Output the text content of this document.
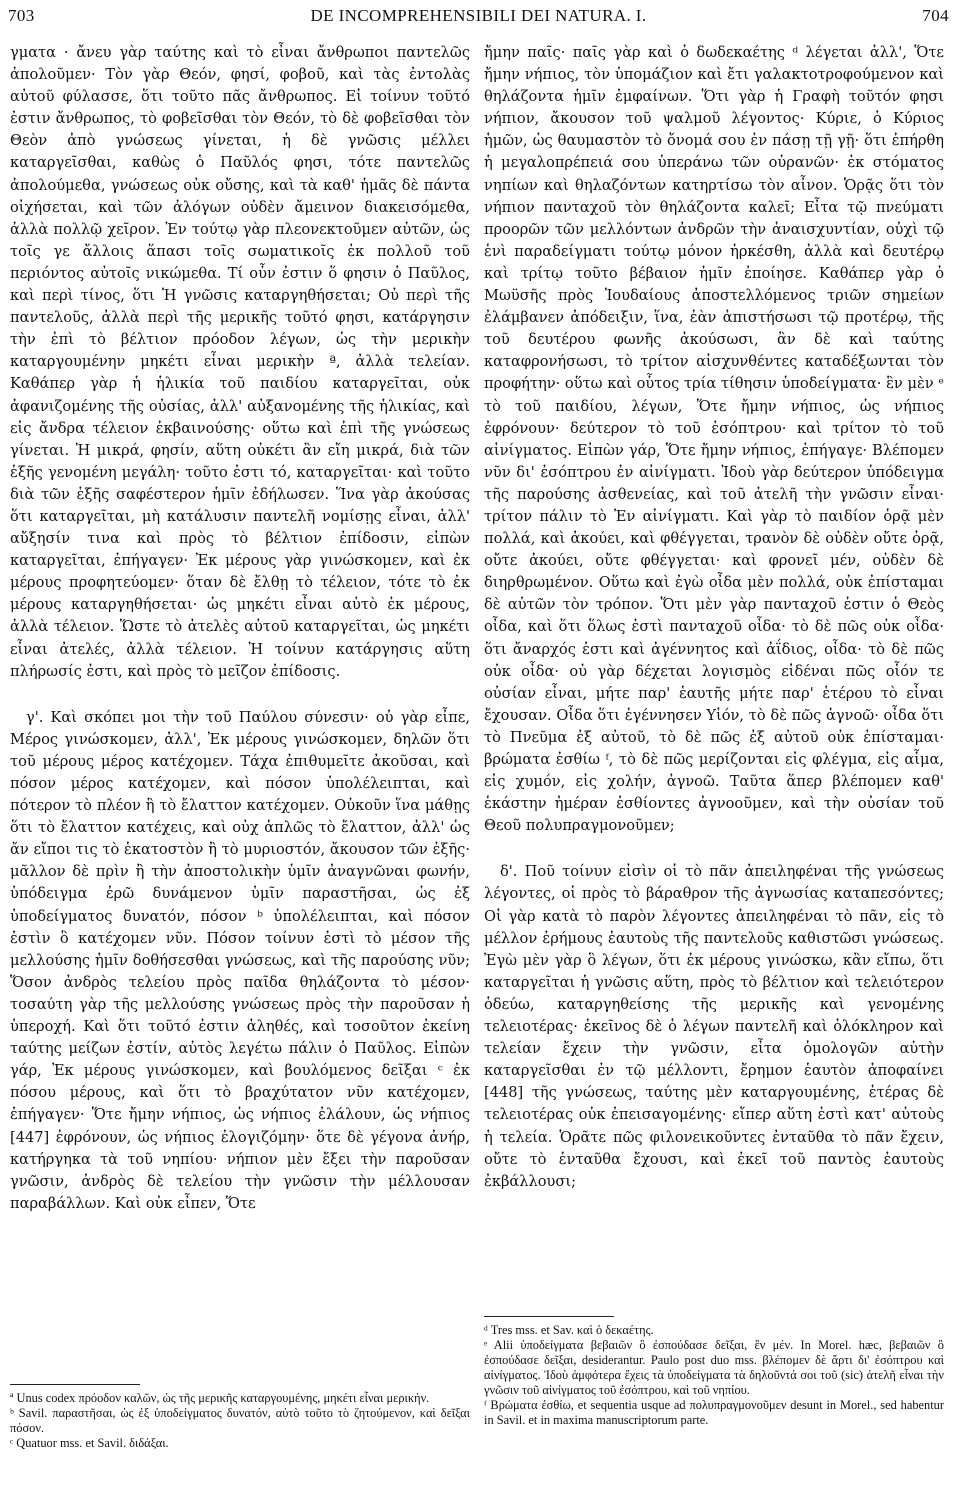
703	DE INCOMPREHENSIBILI DEI NATURA. I.	704

γματα · ἄνευ γὰρ ταύτης καὶ τὸ εἶναι ἄνθρωποι παντελῶς ἀπολοῦμεν· Τὸν γὰρ Θεόν, φησί, φοβοῦ, καὶ τὰς ἐντολὰς αὐτοῦ φύλασσε, ὅτι τοῦτο πᾶς ἄνθρωπος. Εἰ τοίνυν τοῦτό ἐστιν ἄνθρωπος, τὸ φοβεῖσθαι τὸν Θεόν, τὸ δὲ φοβεῖσθαι τὸν Θεὸν ἀπὸ γνώσεως γίνεται, ἡ δὲ γνῶσις μέλλει καταργεῖσθαι, καθὼς ὁ Παῦλός φησι, τότε παντελῶς ἀπολούμεθα, γνώσεως οὐκ οὔσης, καὶ τὰ καθ' ἡμᾶς δὲ πάντα οἰχήσεται, καὶ τῶν ἀλόγων οὐδὲν ἄμεινον διακεισόμεθα, ἀλλὰ πολλῷ χεῖρον. Ἐν τούτῳ γὰρ πλεονεκτοῦμεν αὐτῶν, ὡς τοῖς γε ἄλλοις ἅπασι τοῖς σωματικοῖς ἐκ πολλοῦ τοῦ περιόντος αὐτοῖς νικώμεθα. Τί οὖν ἐστιν ὅ φησιν ὁ Παῦλος, καὶ περὶ τίνος, ὅτι Ἡ γνῶσις καταργηθήσεται; Οὐ περὶ τῆς παντελοῦς, ἀλλὰ περὶ τῆς μερικῆς τοῦτό φησι, κατάργησιν τὴν ἐπὶ τὸ βέλτιον πρόοδον λέγων, ὡς τὴν μερικὴν καταργουμένην μηκέτι εἶναι μερικὴν ª, ἀλλὰ τελείαν. Καθάπερ γὰρ ἡ ἡλικία τοῦ παιδίου καταργεῖται, οὐκ ἀφανιζομένης τῆς οὐσίας, ἀλλ' αὐξανομένης τῆς ἡλικίας, καὶ εἰς ἄνδρα τέλειον ἐκβαινούσης· οὕτω καὶ ἐπὶ τῆς γνώσεως γίνεται. Ἡ μικρά, φησίν, αὕτη οὐκέτι ἂν εἴη μικρά, διὰ τῶν ἑξῆς γενομένη μεγάλη· τοῦτο ἐστι τό, καταργεῖται· καὶ τοῦτο διὰ τῶν ἑξῆς σαφέστερον ἡμῖν ἐδήλωσεν. Ἵνα γὰρ ἀκούσας ὅτι καταργεῖται, μὴ κατάλυσιν παντελῆ νομίσῃς εἶναι, ἀλλ' αὔξησίν τινα καὶ πρὸς τὸ βέλτιον ἐπίδοσιν, εἰπὼν καταργεῖται, ἐπήγαγεν· Ἐκ μέρους γὰρ γινώσκομεν, καὶ ἐκ μέρους προφητεύομεν· ὅταν δὲ ἔλθῃ τὸ τέλειον, τότε τὸ ἐκ μέρους καταργηθήσεται· ὡς μηκέτι εἶναι αὐτὸ ἐκ μέρους, ἀλλὰ τέλειον. Ὥστε τὸ ἀτελὲς αὐτοῦ καταργεῖται, ὡς μηκέτι εἶναι ἀτελές, ἀλλὰ τέλειον. Ἡ τοίνυν κατάργησις αὕτη πλήρωσίς ἐστι, καὶ πρὸς τὸ μεῖζον ἐπίδοσις.

γ'. Καὶ σκόπει μοι τὴν τοῦ Παύλου σύνεσιν· οὐ γὰρ εἶπε, Μέρος γινώσκομεν, ἀλλ', Ἐκ μέρους γινώσκομεν, δηλῶν ὅτι τοῦ μέρους μέρος κατέχομεν. Τάχα ἐπιθυμεῖτε ἀκοῦσαι, καὶ πόσον μέρος κατέχομεν, καὶ πόσον ὑπολέλειπται, καὶ πότερον τὸ πλέον ἢ τὸ ἔλαττον κατέχομεν. Οὐκοῦν ἵνα μάθῃς ὅτι τὸ ἔλαττον κατέχεις, καὶ οὐχ ἁπλῶς τὸ ἔλαττον, ἀλλ' ὡς ἄν εἴποι τις τὸ ἑκατοστὸν ἢ τὸ μυριοστόν, ἄκουσον τῶν ἑξῆς· μᾶλλον δὲ πρὶν ἢ τὴν ἀποστολικὴν ὑμῖν ἀναγνῶναι φωνήν, ὑπόδειγμα ἐρῶ δυνάμενον ὑμῖν παραστῆσαι, ὡς ἐξ ὑποδείγματος δυνατόν, πόσον ᵇ ὑπολέλειπται, καὶ πόσον ἐστὶν ὃ κατέχομεν νῦν. Πόσον τοίνυν ἐστὶ τὸ μέσον τῆς μελλούσης ἡμῖν δοθήσεσθαι γνώσεως, καὶ τῆς παρούσης νῦν; Ὅσον ἀνδρὸς τελείου πρὸς παῖδα θηλάζοντα τὸ μέσον· τοσαύτη γὰρ τῆς μελλούσης γνώσεως πρὸς τὴν παροῦσαν ἡ ὑπεροχή. Καὶ ὅτι τοῦτό ἐστιν ἀληθές, καὶ τοσοῦτον ἐκείνη ταύτης μείζων ἐστίν, αὐτὸς λεγέτω πάλιν ὁ Παῦλος. Εἰπὼν γάρ, Ἐκ μέρους γινώσκομεν, καὶ βουλόμενος δεῖξαι ᶜ ἐκ πόσου μέρους, καὶ ὅτι τὸ βραχύτατον νῦν κατέχομεν, ἐπήγαγεν· Ὅτε ἤμην νήπιος, ὡς νήπιος ἐλάλουν, ὡς νήπιος [447] ἐφρόνουν, ὡς νήπιος ἐλογιζόμην· ὅτε δὲ γέγονα ἀνήρ, κατήργηκα τὰ τοῦ νηπίου· νήπιον μὲν ἔξει τὴν παροῦσαν γνῶσιν, ἀνδρὸς δὲ τελείου τὴν γνῶσιν τὴν μέλλουσαν παραβάλλων. Καὶ οὐκ εἶπεν, Ὅτε

ἤμην παῖς· παῖς γὰρ καὶ ὁ δωδεκαέτης ᵈ λέγεται ἀλλ', Ὅτε ἤμην νήπιος, τὸν ὑπομάζιον καὶ ἔτι γαλακτοτροφούμενον καὶ θηλάζοντα ἡμῖν ἐμφαίνων. Ὅτι γὰρ ἡ Γραφὴ τοῦτόν φησι νήπιον, ἄκουσον τοῦ ψαλμοῦ λέγοντος· Κύριε, ὁ Κύριος ἡμῶν, ὡς θαυμαστὸν τὸ ὄνομά σου ἐν πάσῃ τῇ γῇ· ὅτι ἐπήρθη ἡ μεγαλοπρέπειά σου ὑπεράνω τῶν οὐρανῶν· ἐκ στόματος νηπίων καὶ θηλαζόντων κατηρτίσω τὸν αἶνον. Ὁρᾷς ὅτι τὸν νήπιον πανταχοῦ τὸν θηλάζοντα καλεῖ; Εἶτα τῷ πνεύματι προορῶν τῶν μελλόντων ἀνδρῶν τὴν ἀναισχυντίαν, οὐχὶ τῷ ἑνὶ παραδείγματι τούτῳ μόνον ἠρκέσθη, ἀλλὰ καὶ δευτέρῳ καὶ τρίτῳ τοῦτο βέβαιον ἡμῖν ἐποίησε. Καθάπερ γὰρ ὁ Μωϋσῆς πρὸς Ἰουδαίους ἀποστελλόμενος τριῶν σημείων ἐλάμβανεν ἀπόδειξιν, ἵνα, ἐὰν ἀπιστήσωσι τῷ προτέρῳ, τῆς τοῦ δευτέρου φωνῆς ἀκούσωσι, ἂν δὲ καὶ ταύτης καταφρονήσωσι, τὸ τρίτον αἰσχυνθέντες καταδέξωνται τὸν προφήτην· οὕτω καὶ οὗτος τρία τίθησιν ὑποδείγματα· ἓν μὲν ᵉ τὸ τοῦ παιδίου, λέγων, Ὅτε ἤμην νήπιος, ὡς νήπιος ἐφρόνουν· δεύτερον τὸ τοῦ ἐσόπτρου· καὶ τρίτον τὸ τοῦ αἰνίγματος. Εἰπὼν γάρ, Ὅτε ἤμην νήπιος, ἐπήγαγε· Βλέπομεν νῦν δι' ἐσόπτρου ἐν αἰνίγματι. Ἰδοὺ γὰρ δεύτερον ὑπόδειγμα τῆς παρούσης ἀσθενείας, καὶ τοῦ ἀτελῆ τὴν γνῶσιν εἶναι· τρίτον πάλιν τὸ Ἐν αἰνίγματι. Καὶ γὰρ τὸ παιδίον ὁρᾷ μὲν πολλά, καὶ ἀκούει, καὶ φθέγγεται, τρανὸν δὲ οὐδὲν οὔτε ὁρᾷ, οὔτε ἀκούει, οὔτε φθέγγεται· καὶ φρονεῖ μέν, οὐδὲν δὲ διηρθρωμένον. Οὕτω καὶ ἐγὼ οἶδα μὲν πολλά, οὐκ ἐπίσταμαι δὲ αὐτῶν τὸν τρόπον. Ὅτι μὲν γὰρ πανταχοῦ ἐστιν ὁ Θεὸς οἶδα, καὶ ὅτι ὅλως ἐστὶ πανταχοῦ οἶδα· τὸ δὲ πῶς οὐκ οἶδα· ὅτι ἄναρχός ἐστι καὶ ἀγέννητος καὶ ἀΐδιος, οἶδα· τὸ δὲ πῶς οὐκ οἶδα· οὐ γὰρ δέχεται λογισμὸς εἰδέναι πῶς οἷόν τε οὐσίαν εἶναι, μήτε παρ' ἑαυτῆς μήτε παρ' ἑτέρου τὸ εἶναι ἔχουσαν. Οἶδα ὅτι ἐγέννησεν Υἱόν, τὸ δὲ πῶς ἀγνοῶ· οἶδα ὅτι τὸ Πνεῦμα ἐξ αὐτοῦ, τὸ δὲ πῶς ἐξ αὐτοῦ οὐκ ἐπίσταμαι· βρώματα ἐσθίω ᶠ, τὸ δὲ πῶς μερίζονται εἰς φλέγμα, εἰς αἷμα, εἰς χυμόν, εἰς χολήν, ἀγνοῶ. Ταῦτα ἅπερ βλέπομεν καθ' ἑκάστην ἡμέραν ἐσθίοντες ἀγνοοῦμεν, καὶ τὴν οὐσίαν τοῦ Θεοῦ πολυπραγμονοῦμεν;

δ'. Ποῦ τοίνυν εἰσὶν οἱ τὸ πᾶν ἀπειληφέναι τῆς γνώσεως λέγοντες, οἱ πρὸς τὸ βάραθρον τῆς ἀγνωσίας καταπεσόντες; Οἱ γὰρ κατὰ τὸ παρὸν λέγοντες ἀπειληφέναι τὸ πᾶν, εἰς τὸ μέλλον ἐρήμους ἑαυτοὺς τῆς παντελοῦς καθιστῶσι γνώσεως. Ἐγὼ μὲν γὰρ ὃ λέγων, ὅτι ἐκ μέρους γινώσκω, κἂν εἴπω, ὅτι καταργεῖται ἡ γνῶσις αὕτη, πρὸς τὸ βέλτιον καὶ τελειότερον ὁδεύω, καταργηθείσης τῆς μερικῆς καὶ γενομένης τελειοτέρας· ἐκεῖνος δὲ ὁ λέγων παντελῆ καὶ ὁλόκληρον καὶ τελείαν ἔχειν τὴν γνῶσιν, εἶτα ὁμολογῶν αὐτὴν καταργεῖσθαι ἐν τῷ μέλλοντι, ἔρημον ἑαυτὸν ἀποφαίνει [448] τῆς γνώσεως, ταύτης μὲν καταργουμένης, ἑτέρας δὲ τελειοτέρας οὐκ ἐπεισαγομένης· εἴπερ αὕτη ἐστὶ κατ' αὐτοὺς ἡ τελεία. Ὁρᾶτε πῶς φιλονεικοῦντες ἐνταῦθα τὸ πᾶν ἔχειν, οὔτε τὸ ἐνταῦθα ἔχουσι, καὶ ἐκεῖ τοῦ παντὸς ἑαυτοὺς ἐκβάλλουσι;

ª Unus codex πρόοδον καλῶν, ὡς τῆς μερικῆς καταργουμένης, μηκέτι εἶναι μερικήν.

ᵇ Savil. παραστῆσαι, ὡς ἐξ ὑποδείγματος δυνατόν, αὐτὸ τοῦτο τὸ ζητούμενον, καὶ δεῖξαι πόσον.

ᶜ Quatuor mss. et Savil. διδάξαι.

ᵈ Tres mss. et Sav. καὶ ὁ δεκαέτης.

ᵉ Alii ὑποδείγματα βεβαιῶν ὃ ἐσπούδασε δεῖξαι, ἓν μέν. In Morel. hæc, βεβαιῶν ὃ ἐσπούδασε δεῖξαι, desiderantur. Paulo post duo mss. βλέπομεν δὲ ἄρτι δι' ἐσόπτρου καὶ αἰνίγματος. Ἰδοὺ ἀμφότερα ἔχεις τὰ ὑποδείγματα τὰ δηλοῦντά σοι τοῦ (sic) ἀτελῆ εἶναι τὴν γνῶσιν τοῦ αἰνίγματος τοῦ ἐσόπτρου, καὶ τοῦ νηπίου.

ᶠ Βρώματα ἐσθίω, et sequentia usque ad πολυπραγμονοῦμεν desunt in Morel., sed habentur in Savil. et in maxima manuscriptorum parte.
